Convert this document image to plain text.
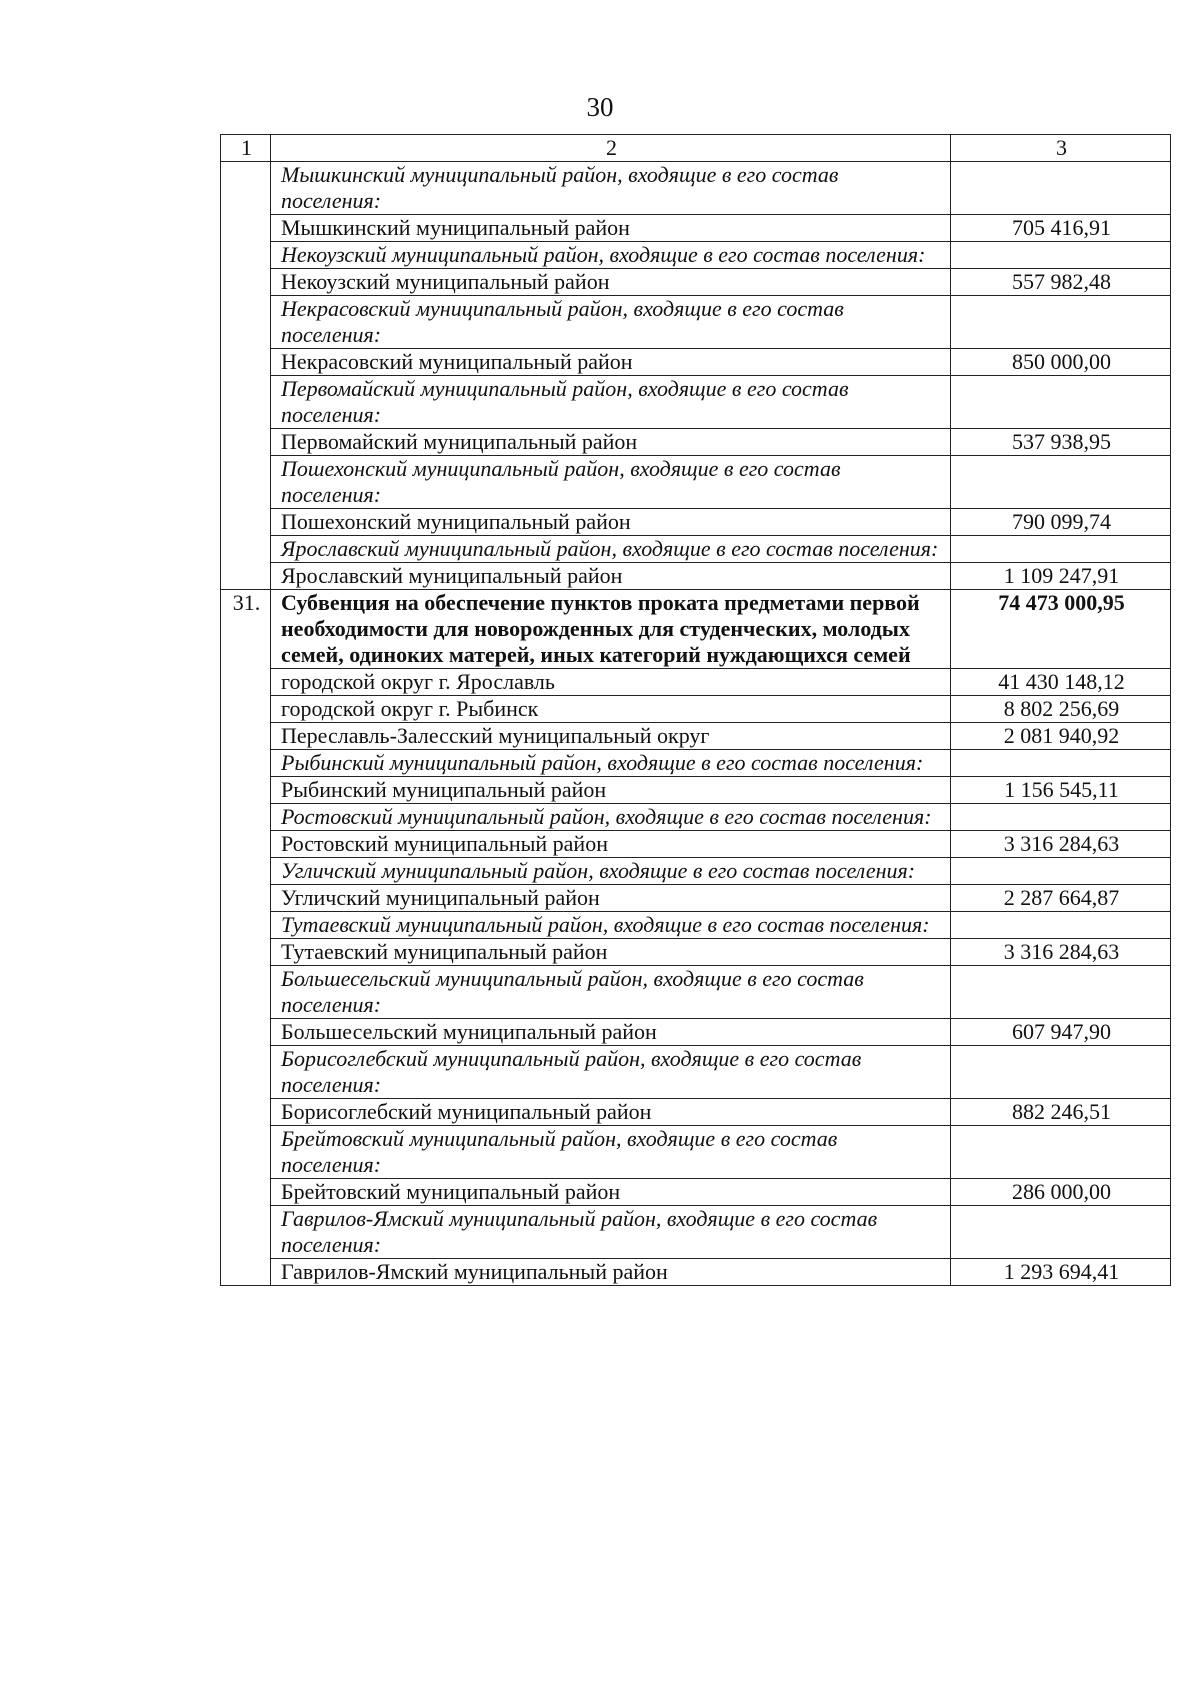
30
1	2	3
	Мышкинский муниципальный район, входящие в его состав поселения:	
	Мышкинский муниципальный район	705 416,91
	Некоузский муниципальный район, входящие в его состав поселения:	
	Некоузский муниципальный район	557 982,48
	Некрасовский муниципальный район, входящие в его состав поселения:	
	Некрасовский муниципальный район	850 000,00
	Первомайский муниципальный район, входящие в его состав поселения:	
	Первомайский муниципальный район	537 938,95
	Пошехонский муниципальный район, входящие в его состав поселения:	
	Пошехонский муниципальный район	790 099,74
	Ярославский муниципальный район, входящие в его состав поселения:	
	Ярославский муниципальный район	1 109 247,91
31.	Субвенция на обеспечение пунктов проката предметами первой необходимости для новорожденных для студенческих, молодых семей, одиноких матерей, иных категорий нуждающихся семей	74 473 000,95
	городской округ г. Ярославль	41 430 148,12
	городской округ г. Рыбинск	8 802 256,69
	Переславль-Залесский муниципальный округ	2 081 940,92
	Рыбинский муниципальный район, входящие в его состав поселения:	
	Рыбинский муниципальный район	1 156 545,11
	Ростовский муниципальный район, входящие в его состав поселения:	
	Ростовский муниципальный район	3 316 284,63
	Угличский муниципальный район, входящие в его состав поселения:	
	Угличский муниципальный район	2 287 664,87
	Тутаевский муниципальный район, входящие в его состав поселения:	
	Тутаевский муниципальный район	3 316 284,63
	Большесельский муниципальный район, входящие в его состав поселения:	
	Большесельский муниципальный район	607 947,90
	Борисоглебский муниципальный район, входящие в его состав поселения:	
	Борисоглебский муниципальный район	882 246,51
	Брейтовский муниципальный район, входящие в его состав поселения:	
	Брейтовский муниципальный район	286 000,00
	Гаврилов-Ямский муниципальный район, входящие в его состав поселения:	
	Гаврилов-Ямский муниципальный район	1 293 694,41
